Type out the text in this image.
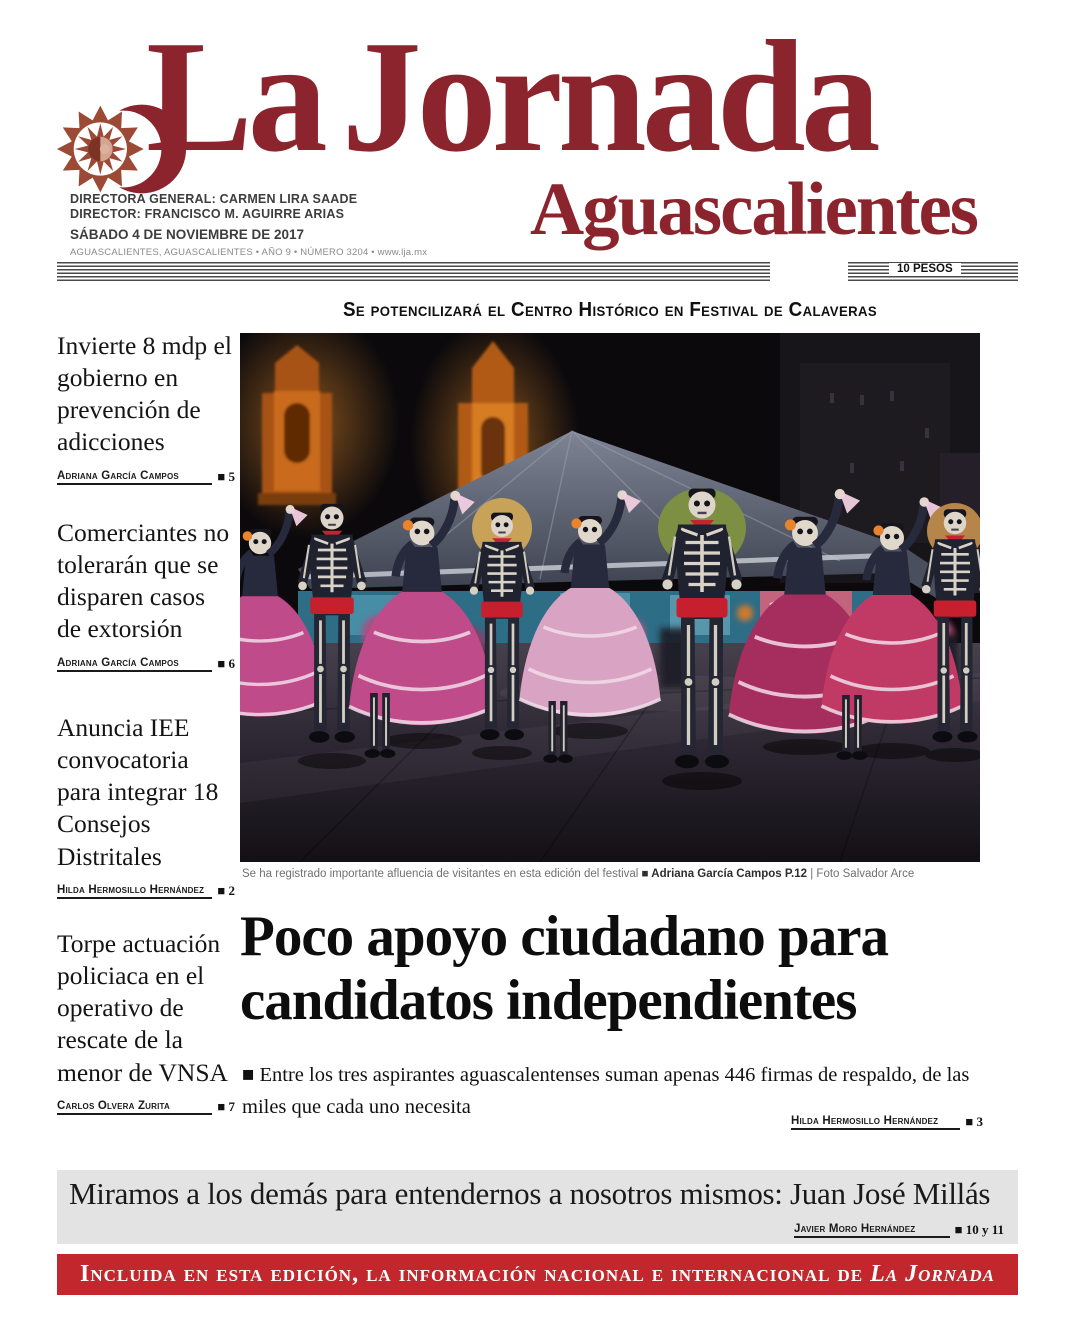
La Jornada
Aguascalientes
DIRECTORA GENERAL: CARMEN LIRA SAADE
DIRECTOR: FRANCISCO M. AGUIRRE ARIAS
SÁBADO 4 DE NOVIEMBRE DE 2017
AGUASCALIENTES, AGUASCALIENTES • AÑO 9 • NÚMERO 3204 • www.lja.mx
10 PESOS
Se potencilizará el Centro Histórico en Festival de Calaveras
Invierte 8 mdp el gobierno en prevención de adicciones
Adriana García Campos	■ 5
Comerciantes no tolerarán que se disparen casos de extorsión
Adriana García Campos	■ 6
Anuncia IEE convocatoria para integrar 18 Consejos Distritales
Hilda Hermosillo Hernández	■ 2
Torpe actuación policiaca en el operativo de rescate de la menor de VNSA
Carlos Olvera Zurita	■ 7
Se ha registrado importante afluencia de visitantes en esta edición del festival ■ Adriana García Campos P.12 | Foto Salvador Arce
Poco apoyo ciudadano para candidatos independientes
■ Entre los tres aspirantes aguascalentenses suman apenas 446 firmas de respaldo, de las miles que cada uno necesita
Hilda Hermosillo Hernández	■ 3
Miramos a los demás para entendernos a nosotros mismos: Juan José Millás
Javier Moro Hernández	■ 10 y 11
Incluida en esta edición, la información nacional e internacional de La Jornada
